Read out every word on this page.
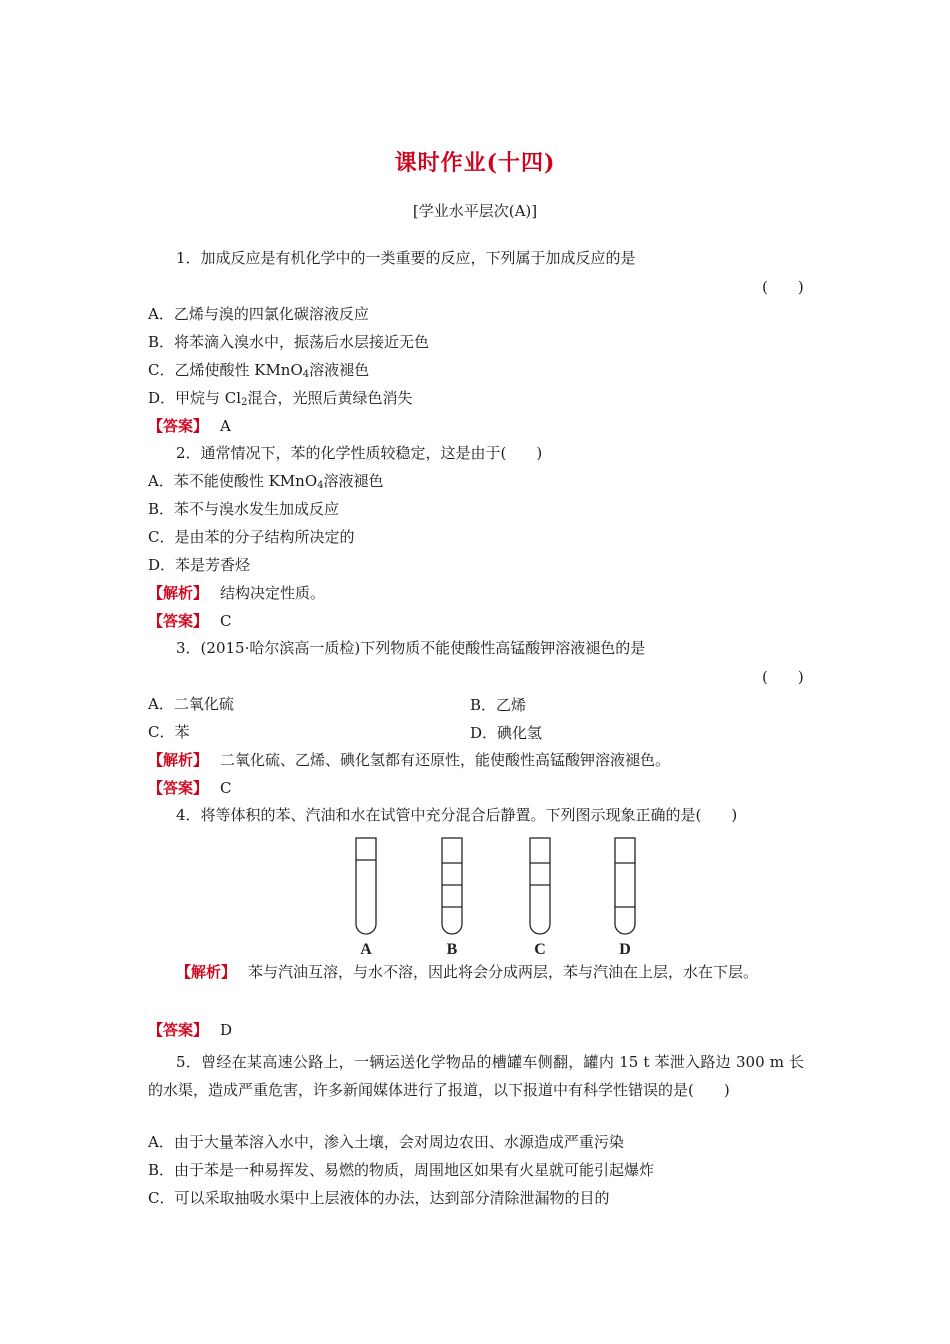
课时作业(十四)
[学业水平层次(A)]
1．加成反应是有机化学中的一类重要的反应，下列属于加成反应的是
(　　)
A．乙烯与溴的四氯化碳溶液反应
B．将苯滴入溴水中，振荡后水层接近无色
C．乙烯使酸性 KMnO$_4$溶液褪色
D．甲烷与 $Cl_2$混合，光照后黄绿色消失
【答案】 A
2．通常情况下，苯的化学性质较稳定，这是由于(　　)
A．苯不能使酸性 KMnO$_4$溶液褪色
B．苯不与溴水发生加成反应
C．是由苯的分子结构所决定的
D．苯是芳香烃
【解析】 结构决定性质。
【答案】 C
3．(2015·哈尔滨高一质检)下列物质不能使酸性高锰酸钾溶液褪色的是
(　　)
A．二氧化硫	B．乙烯
C．苯	D．碘化氢
【解析】 二氧化硫、乙烯、碘化氢都有还原性，能使酸性高锰酸钾溶液褪色。
【答案】 C
4．将等体积的苯、汽油和水在试管中充分混合后静置。下列图示现象正确的是(　　)
A	B	C	D
【解析】 苯与汽油互溶，与水不溶，因此将会分成两层，苯与汽油在上层，水在下层。
【答案】 D
5．曾经在某高速公路上，一辆运送化学物品的槽罐车侧翻，罐内 15 t 苯泄入路边 300 m 长的水渠，造成严重危害，许多新闻媒体进行了报道，以下报道中有科学性错误的是(　　)
A．由于大量苯溶入水中，渗入土壤，会对周边农田、水源造成严重污染
B．由于苯是一种易挥发、易燃的物质，周围地区如果有火星就可能引起爆炸
C．可以采取抽吸水渠中上层液体的办法，达到部分清除泄漏物的目的
